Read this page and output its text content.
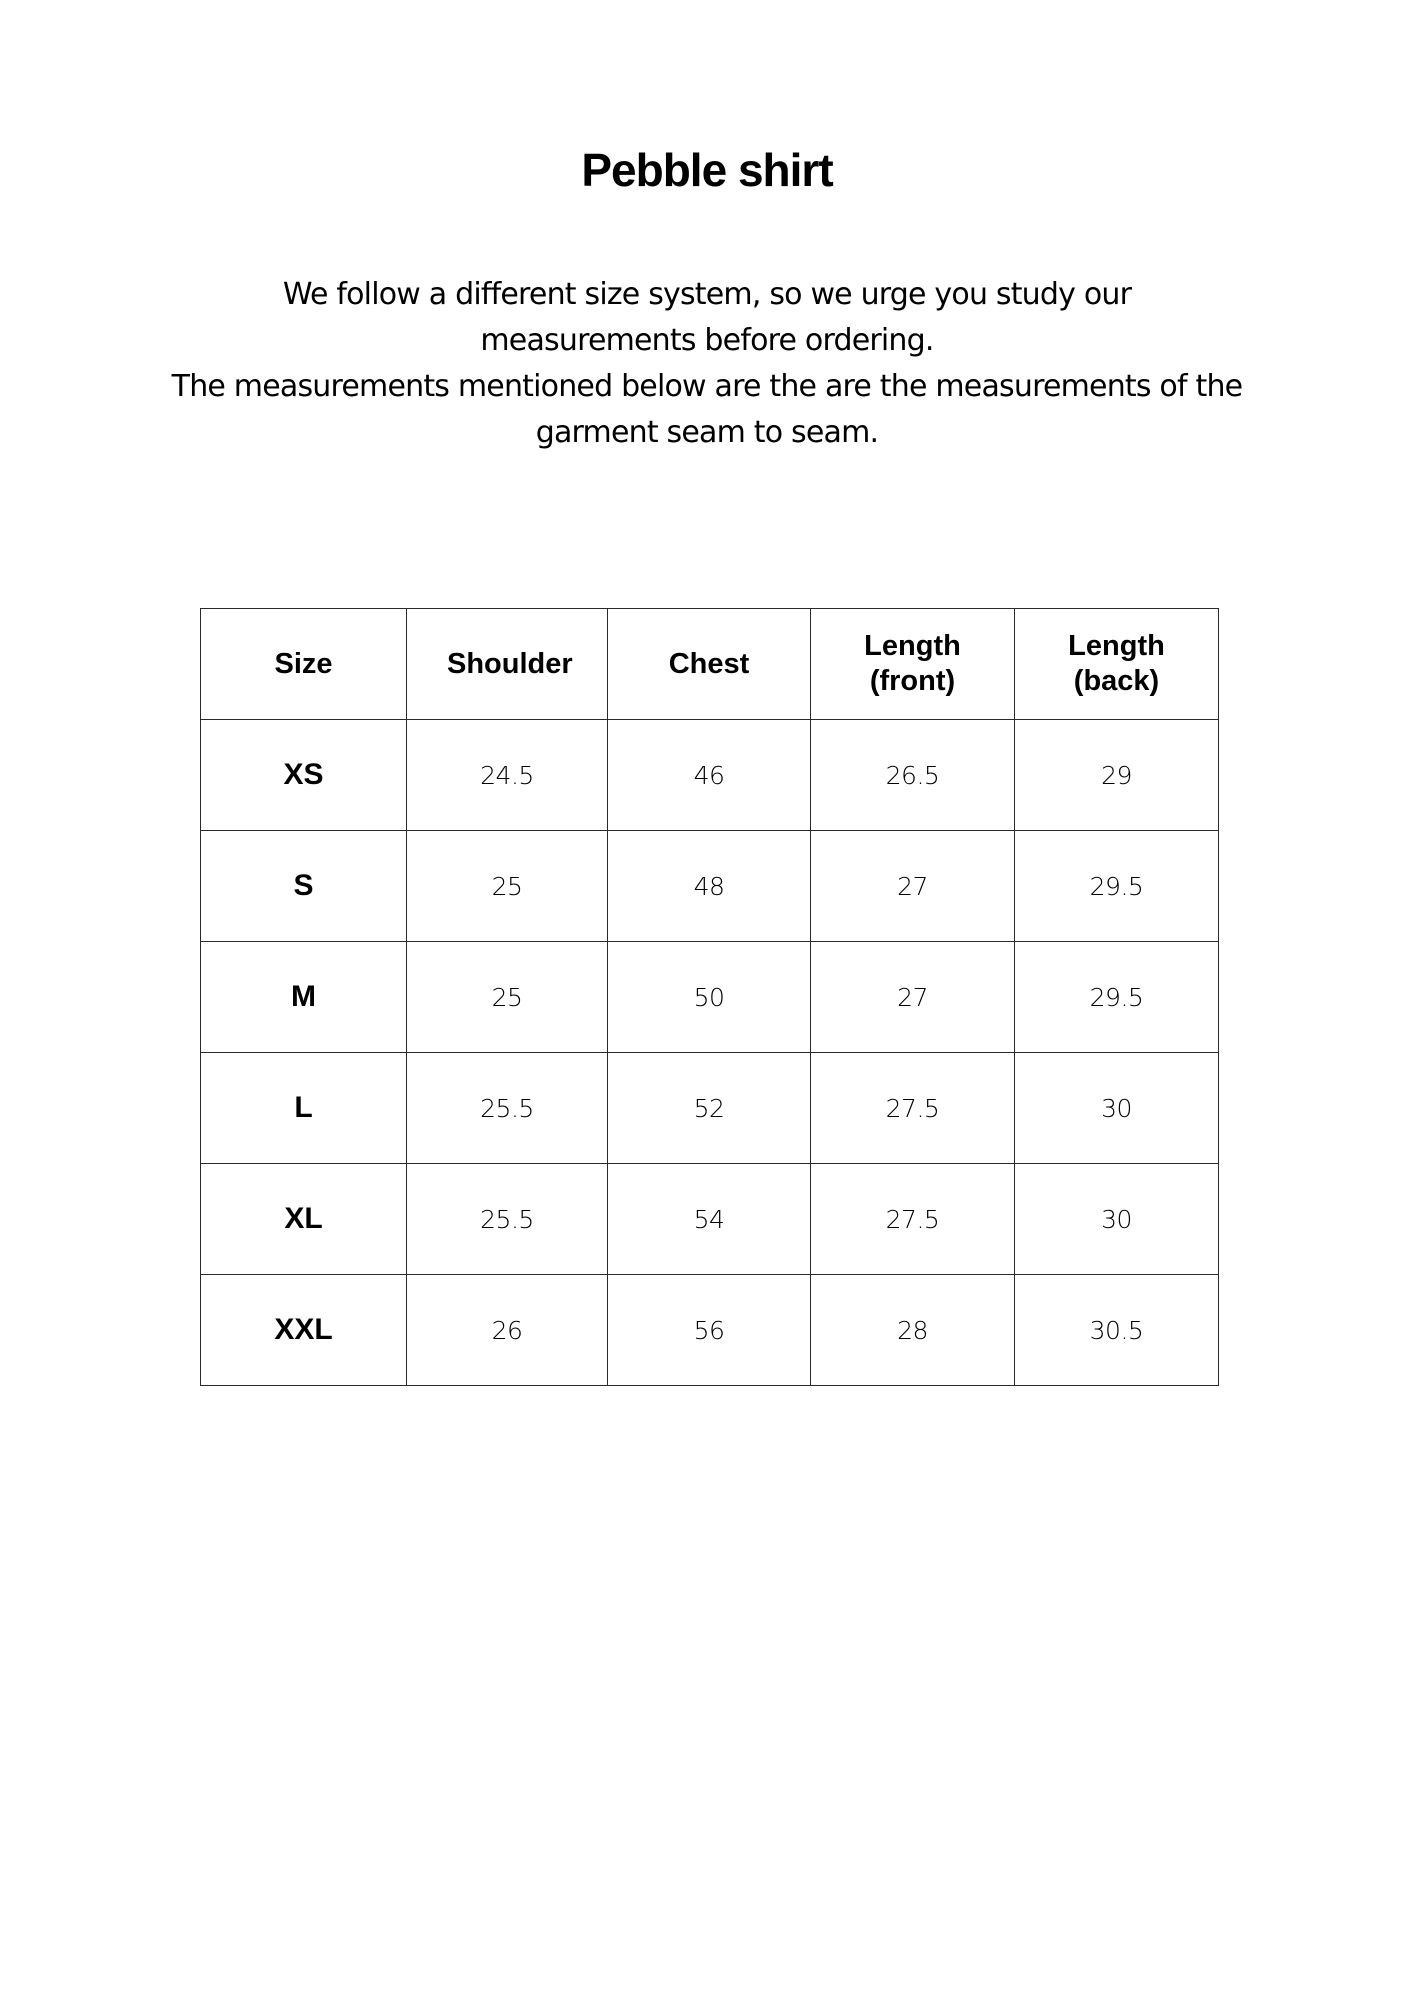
Pebble shirt

We follow a different size system, so we urge you study our measurements before ordering.

The measurements mentioned below are the are the measurements of the garment seam to seam.

Size	Shoulder	Chest	Length (front)	Length (back)
XS	24.5	46	26.5	29
S	25	48	27	29.5
M	25	50	27	29.5
L	25.5	52	27.5	30
XL	25.5	54	27.5	30
XXL	26	56	28	30.5
